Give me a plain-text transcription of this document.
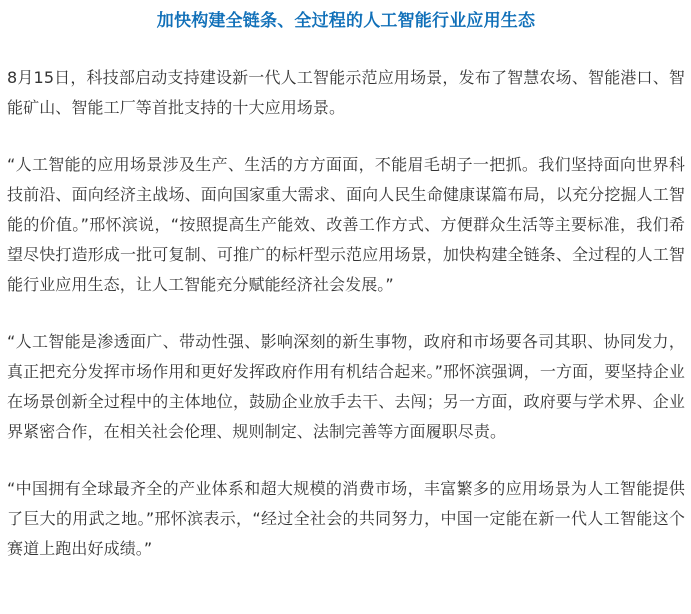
加快构建全链条、全过程的人工智能行业应用生态

8月15日，科技部启动支持建设新一代人工智能示范应用场景，发布了智慧农场、智能港口、智能矿山、智能工厂等首批支持的十大应用场景。

“人工智能的应用场景涉及生产、生活的方方面面，不能眉毛胡子一把抓。我们坚持面向世界科技前沿、面向经济主战场、面向国家重大需求、面向人民生命健康谋篇布局，以充分挖掘人工智能的价值。”邢怀滨说，“按照提高生产能效、改善工作方式、方便群众生活等主要标准，我们希望尽快打造形成一批可复制、可推广的标杆型示范应用场景，加快构建全链条、全过程的人工智能行业应用生态，让人工智能充分赋能经济社会发展。”

“人工智能是渗透面广、带动性强、影响深刻的新生事物，政府和市场要各司其职、协同发力，真正把充分发挥市场作用和更好发挥政府作用有机结合起来。”邢怀滨强调，一方面，要坚持企业在场景创新全过程中的主体地位，鼓励企业放手去干、去闯；另一方面，政府要与学术界、企业界紧密合作，在相关社会伦理、规则制定、法制完善等方面履职尽责。

“中国拥有全球最齐全的产业体系和超大规模的消费市场，丰富繁多的应用场景为人工智能提供了巨大的用武之地。”邢怀滨表示，“经过全社会的共同努力，中国一定能在新一代人工智能这个赛道上跑出好成绩。”
